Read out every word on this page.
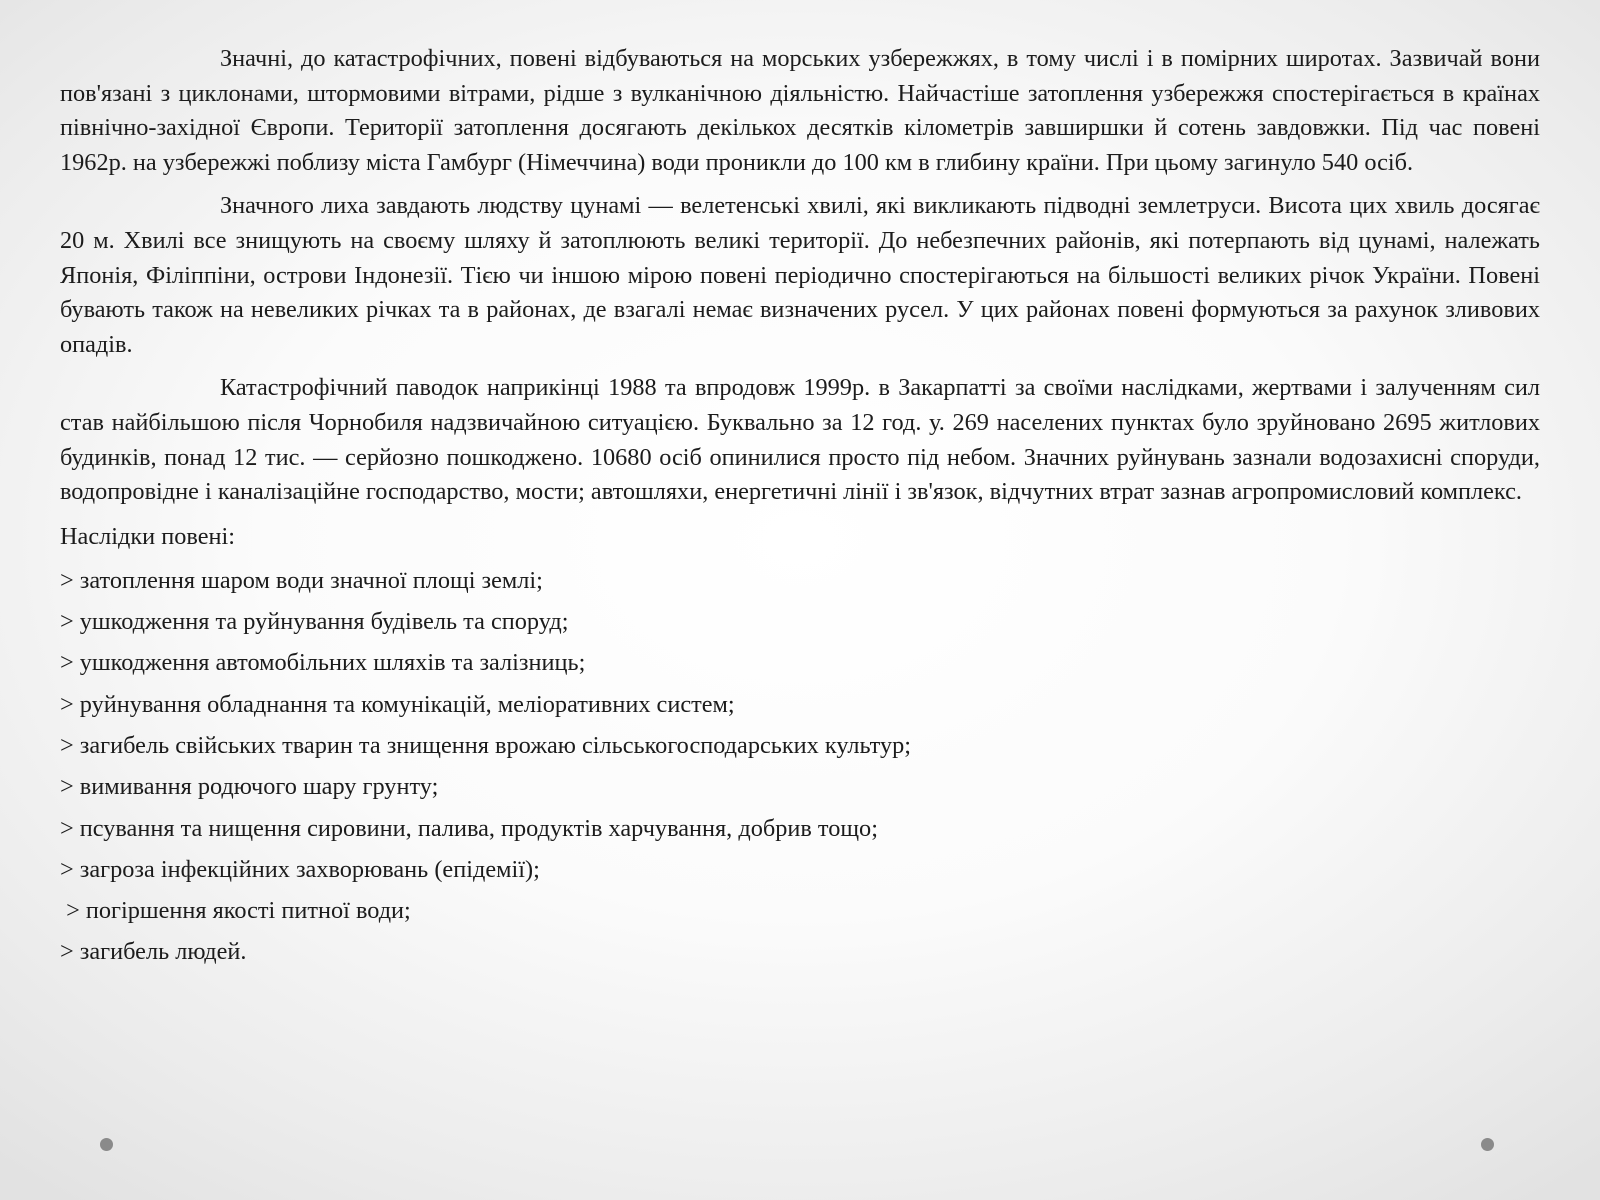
Значні, до катастрофічних, повені відбуваються на морських узбережжях, в тому числі і в помірних широтах. Зазвичай вони пов'язані з циклонами, штормовими вітрами, рідше з вулканічною діяльністю. Найчастіше затоплення узбережжя спостерігається в країнах північно-західної Європи. Території затоплення досягають декількох десятків кілометрів завширшки й сотень завдовжки. Під час повені 1962р. на узбережжі поблизу міста Гамбург (Німеччина) води проникли до 100 км в глибину країни. При цьому загинуло 540 осіб.

Значного лиха завдають людству цунамі — велетенські хвилі, які викликають підводні землетруси. Висота цих хвиль досягає 20 м. Хвилі все знищують на своєму шляху й затоплюють великі території. До небезпечних районів, які потерпають від цунамі, належать Японія, Філіппіни, острови Індонезії. Тією чи іншою мірою повені періодично спостерігаються на більшості великих річок України. Повені бувають також на невеликих річках та в районах, де взагалі немає визначених русел. У цих районах повені формуються за рахунок зливових опадів.

Катастрофічний паводок наприкінці 1988 та впродовж 1999р. в Закарпатті за своїми наслідками, жертвами і залученням сил став найбільшою після Чорнобиля надзвичайною ситуацією. Буквально за 12 год. у. 269 населених пунктах було зруйновано 2695 житлових будинків, понад 12 тис. — серйозно пошкоджено. 10680 осіб опинилися просто під небом. Значних руйнувань зазнали водозахисні споруди, водопровідне і каналізаційне господарство, мости; автошляхи, енергетичні лінії і зв'язок, відчутних втрат зазнав агропромисловий комплекс.

Наслідки повені:
> затоплення шаром води значної площі землі;
> ушкодження та руйнування будівель та споруд;
> ушкодження автомобільних шляхів та залізниць;
> руйнування обладнання та комунікацій, меліоративних систем;
> загибель свійських тварин та знищення врожаю сільськогосподарських культур;
> вимивання родючого шару грунту;
> псування та нищення сировини, палива, продуктів харчування, добрив тощо;
> загроза інфекційних захворювань (епідемії);
> погіршення якості питної води;
> загибель людей.
